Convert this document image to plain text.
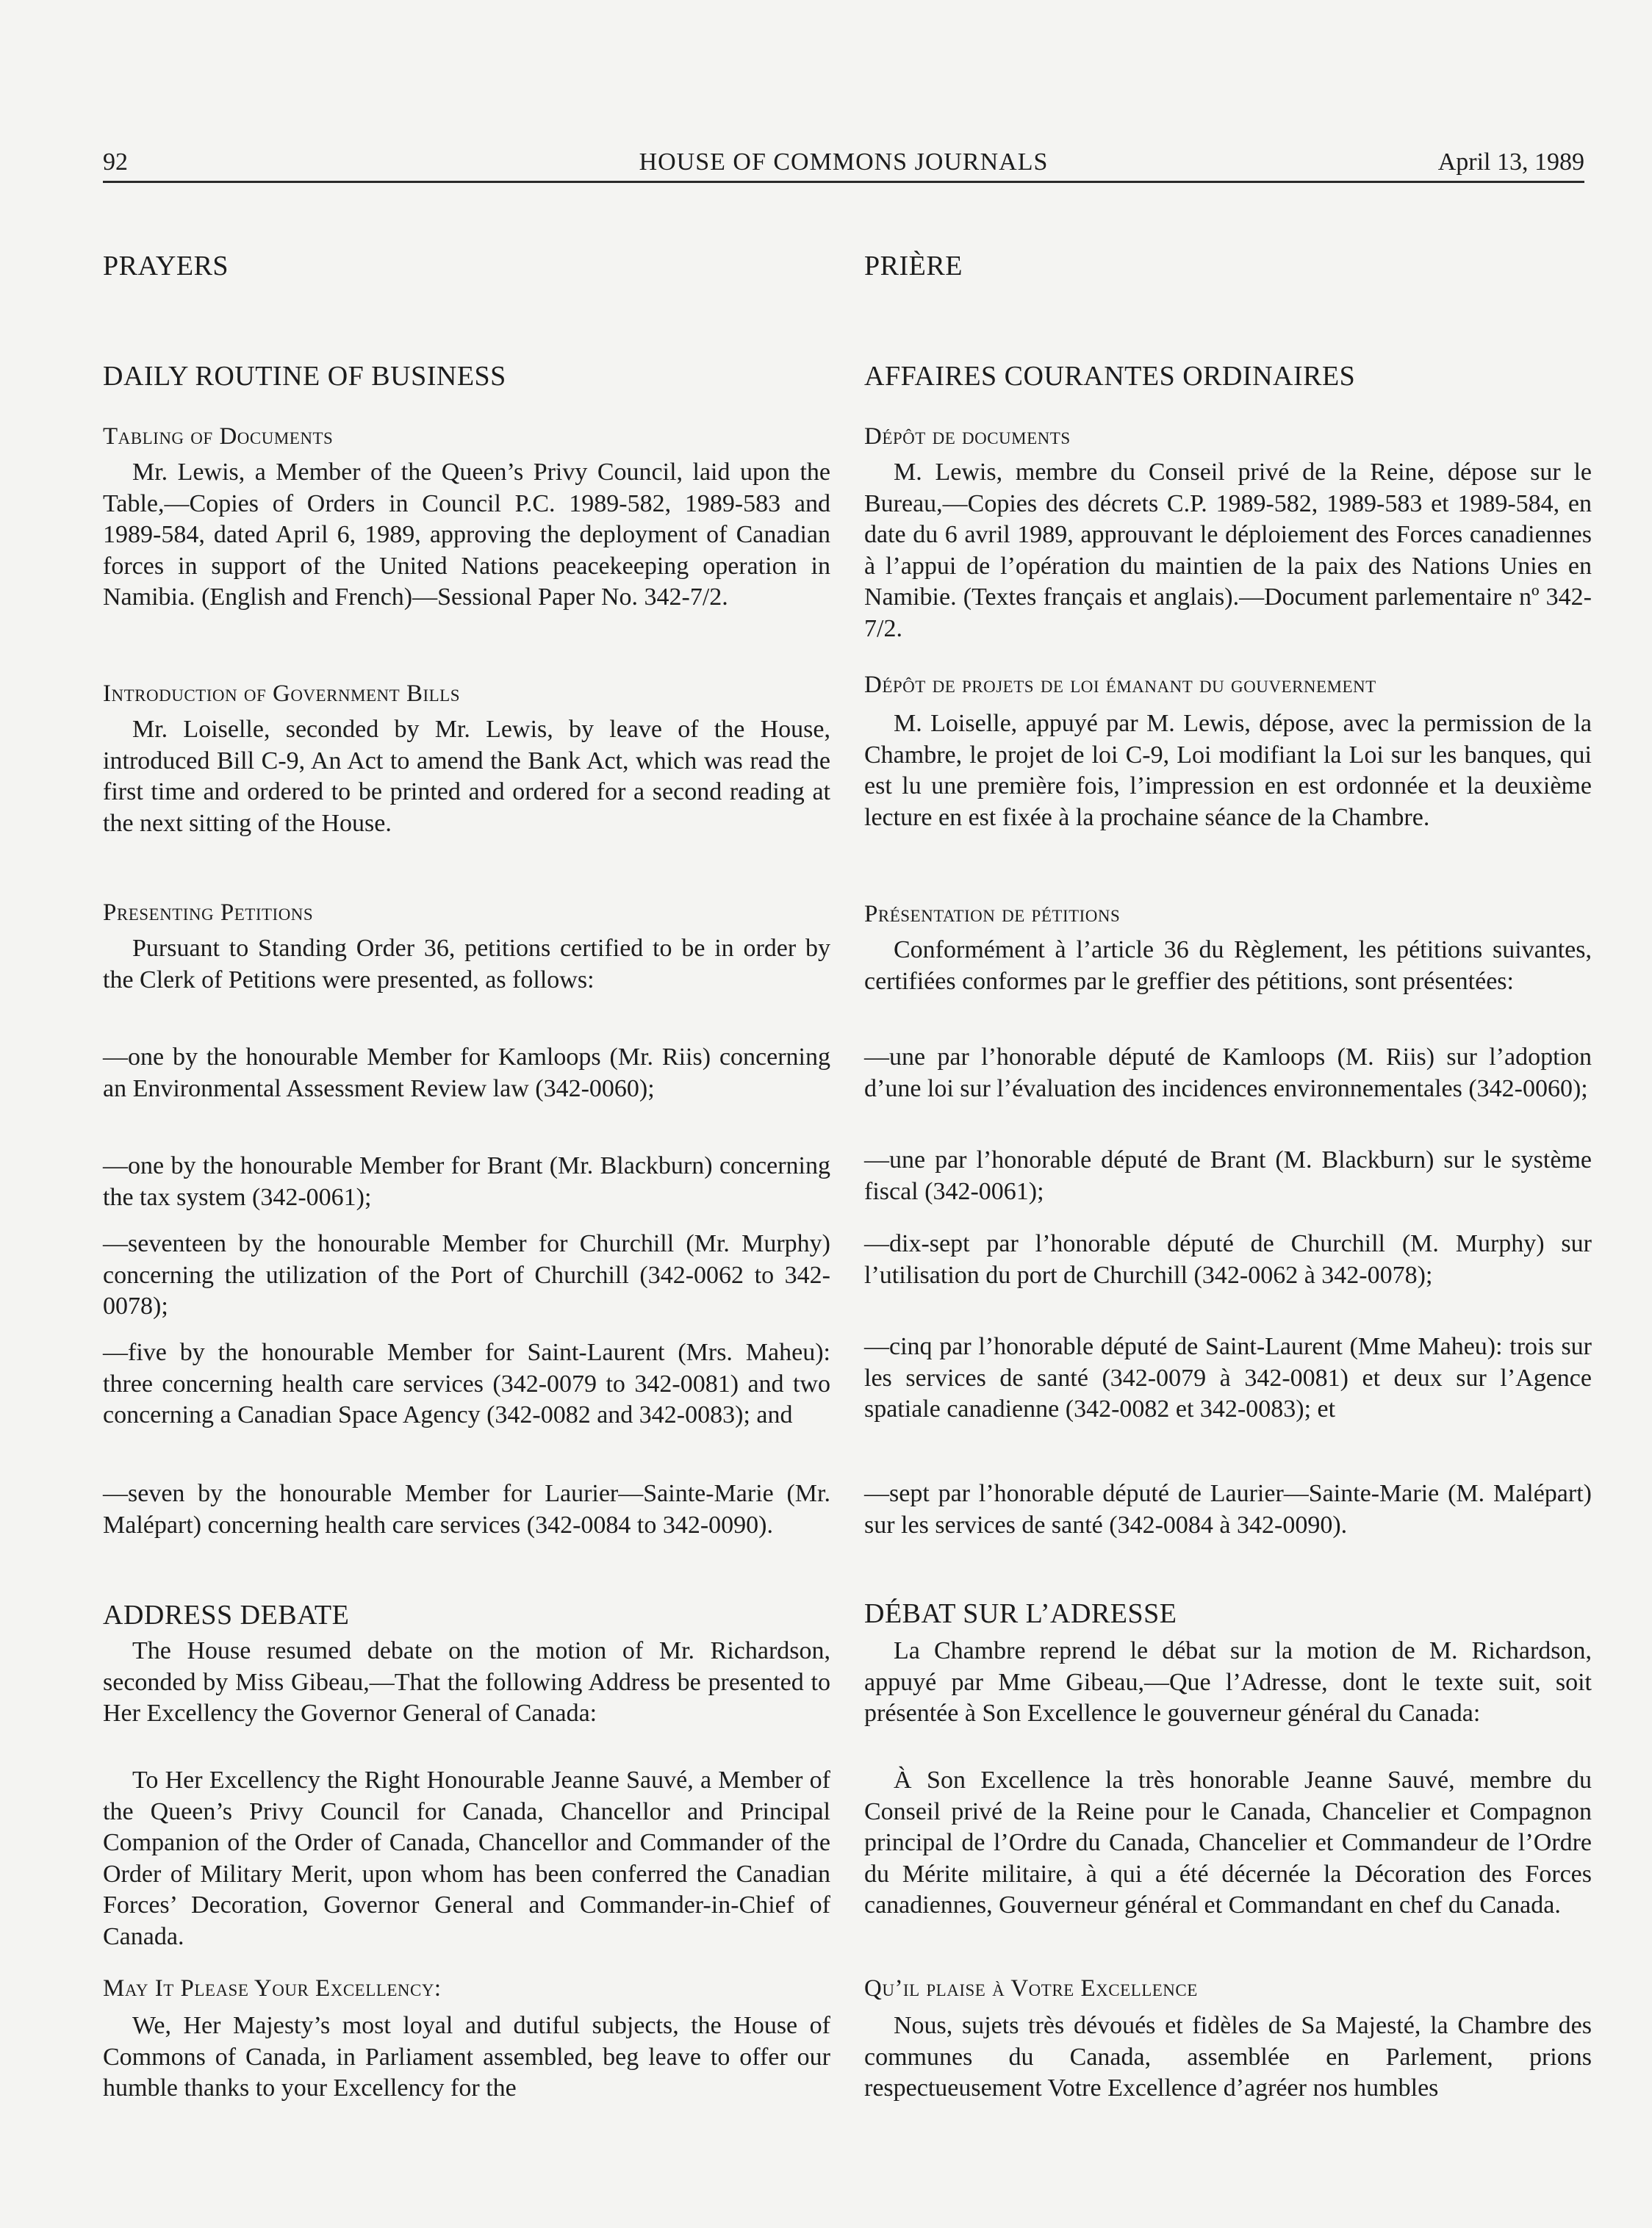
92	HOUSE OF COMMONS JOURNALS	April 13, 1989
PRAYERS
DAILY ROUTINE OF BUSINESS
Tabling of Documents

Mr. Lewis, a Member of the Queen’s Privy Council, laid upon the Table,—Copies of Orders in Council P.C. 1989-582, 1989-583 and 1989-584, dated April 6, 1989, approving the deployment of Canadian forces in support of the United Nations peacekeeping operation in Namibia. (English and French)—Sessional Paper No. 342-7/2.

Introduction of Government Bills

Mr. Loiselle, seconded by Mr. Lewis, by leave of the House, introduced Bill C-9, An Act to amend the Bank Act, which was read the first time and ordered to be printed and ordered for a second reading at the next sitting of the House.

Presenting Petitions

Pursuant to Standing Order 36, petitions certified to be in order by the Clerk of Petitions were presented, as follows:

—one by the honourable Member for Kamloops (Mr. Riis) concerning an Environmental Assessment Review law (342-0060);

—one by the honourable Member for Brant (Mr. Blackburn) concerning the tax system (342-0061);

—seventeen by the honourable Member for Churchill (Mr. Murphy) concerning the utilization of the Port of Churchill (342-0062 to 342-0078);

—five by the honourable Member for Saint-Laurent (Mrs. Maheu): three concerning health care services (342-0079 to 342-0081) and two concerning a Canadian Space Agency (342-0082 and 342-0083); and

—seven by the honourable Member for Laurier—Sainte-Marie (Mr. Malépart) concerning health care services (342-0084 to 342-0090).

ADDRESS DEBATE

The House resumed debate on the motion of Mr. Richardson, seconded by Miss Gibeau,—That the following Address be presented to Her Excellency the Governor General of Canada:

To Her Excellency the Right Honourable Jeanne Sauvé, a Member of the Queen’s Privy Council for Canada, Chancellor and Principal Companion of the Order of Canada, Chancellor and Commander of the Order of Military Merit, upon whom has been conferred the Canadian Forces’ Decoration, Governor General and Commander-in-Chief of Canada.

May It Please Your Excellency:

We, Her Majesty’s most loyal and dutiful subjects, the House of Commons of Canada, in Parliament assembled, beg leave to offer our humble thanks to your Excellency for the

PRIÈRE
AFFAIRES COURANTES ORDINAIRES
Dépôt de documents

M. Lewis, membre du Conseil privé de la Reine, dépose sur le Bureau,—Copies des décrets C.P. 1989-582, 1989-583 et 1989-584, en date du 6 avril 1989, approuvant le déploiement des Forces canadiennes à l’appui de l’opération du maintien de la paix des Nations Unies en Namibie. (Textes français et anglais).—Document parlementaire nº 342-7/2.

Dépôt de projets de loi émanant du gouvernement

M. Loiselle, appuyé par M. Lewis, dépose, avec la permission de la Chambre, le projet de loi C-9, Loi modifiant la Loi sur les banques, qui est lu une première fois, l’impression en est ordonnée et la deuxième lecture en est fixée à la prochaine séance de la Chambre.

Présentation de pétitions

Conformément à l’article 36 du Règlement, les pétitions suivantes, certifiées conformes par le greffier des pétitions, sont présentées:

—une par l’honorable député de Kamloops (M. Riis) sur l’adoption d’une loi sur l’évaluation des incidences environnementales (342-0060);

—une par l’honorable député de Brant (M. Blackburn) sur le système fiscal (342-0061);

—dix-sept par l’honorable député de Churchill (M. Murphy) sur l’utilisation du port de Churchill (342-0062 à 342-0078);

—cinq par l’honorable député de Saint-Laurent (Mme Maheu): trois sur les services de santé (342-0079 à 342-0081) et deux sur l’Agence spatiale canadienne (342-0082 et 342-0083); et

—sept par l’honorable député de Laurier—Sainte-Marie (M. Malépart) sur les services de santé (342-0084 à 342-0090).

DÉBAT SUR L’ADRESSE

La Chambre reprend le débat sur la motion de M. Richardson, appuyé par Mme Gibeau,—Que l’Adresse, dont le texte suit, soit présentée à Son Excellence le gouverneur général du Canada:

À Son Excellence la très honorable Jeanne Sauvé, membre du Conseil privé de la Reine pour le Canada, Chancelier et Compagnon principal de l’Ordre du Canada, Chancelier et Commandeur de l’Ordre du Mérite militaire, à qui a été décernée la Décoration des Forces canadiennes, Gouverneur général et Commandant en chef du Canada.

Qu’il plaise à Votre Excellence

Nous, sujets très dévoués et fidèles de Sa Majesté, la Chambre des communes du Canada, assemblée en Parlement, prions respectueusement Votre Excellence d’agréer nos humbles
